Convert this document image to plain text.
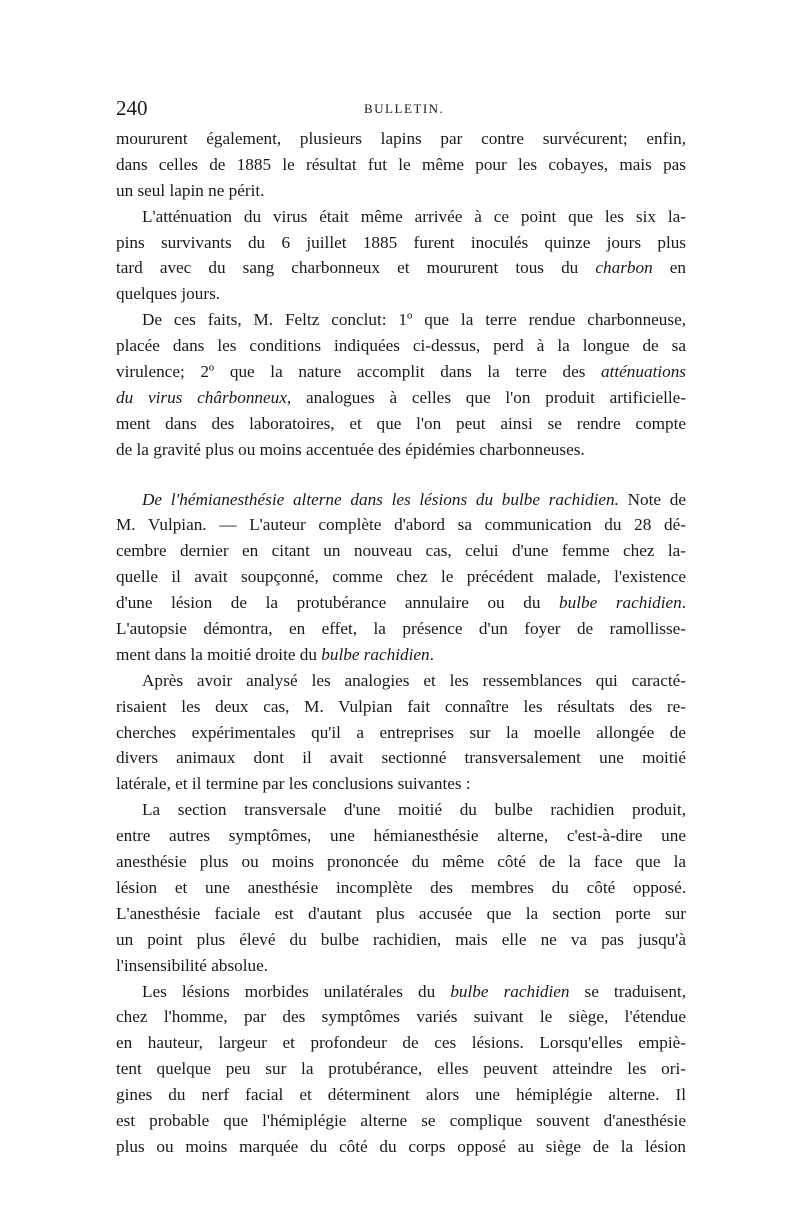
240	BULLETIN.
moururent également, plusieurs lapins par contre survécurent; enfin,
dans celles de 1885 le résultat fut le même pour les cobayes, mais pas
un seul lapin ne périt.
L'atténuation du virus était même arrivée à ce point que les six la-
pins survivants du 6 juillet 1885 furent inoculés quinze jours plus
tard avec du sang charbonneux et moururent tous du charbon en
quelques jours.
De ces faits, M. Feltz conclut: 1º que la terre rendue charbonneuse,
placée dans les conditions indiquées ci-dessus, perd à la longue de sa
virulence; 2º que la nature accomplit dans la terre des atténuations
du virus chârbonneux, analogues à celles que l'on produit artificielle-
ment dans des laboratoires, et que l'on peut ainsi se rendre compte
de la gravité plus ou moins accentuée des épidémies charbonneuses.
De l'hémianesthésie alterne dans les lésions du bulbe rachidien. Note de
M. Vulpian. — L'auteur complète d'abord sa communication du 28 dé-
cembre dernier en citant un nouveau cas, celui d'une femme chez la-
quelle il avait soupçonné, comme chez le précédent malade, l'existence
d'une lésion de la protubérance annulaire ou du bulbe rachidien.
L'autopsie démontra, en effet, la présence d'un foyer de ramollisse-
ment dans la moitié droite du bulbe rachidien.
Après avoir analysé les analogies et les ressemblances qui caracté-
risaient les deux cas, M. Vulpian fait connaître les résultats des re-
cherches expérimentales qu'il a entreprises sur la moelle allongée de
divers animaux dont il avait sectionné transversalement une moitié
latérale, et il termine par les conclusions suivantes :
La section transversale d'une moitié du bulbe rachidien produit,
entre autres symptômes, une hémianesthésie alterne, c'est-à-dire une
anesthésie plus ou moins prononcée du même côté de la face que la
lésion et une anesthésie incomplète des membres du côté opposé.
L'anesthésie faciale est d'autant plus accusée que la section porte sur
un point plus élevé du bulbe rachidien, mais elle ne va pas jusqu'à
l'insensibilité absolue.
Les lésions morbides unilatérales du bulbe rachidien se traduisent,
chez l'homme, par des symptômes variés suivant le siège, l'étendue
en hauteur, largeur et profondeur de ces lésions. Lorsqu'elles empiè-
tent quelque peu sur la protubérance, elles peuvent atteindre les ori-
gines du nerf facial et déterminent alors une hémiplégie alterne. Il
est probable que l'hémiplégie alterne se complique souvent d'anesthésie
plus ou moins marquée du côté du corps opposé au siège de la lésion
